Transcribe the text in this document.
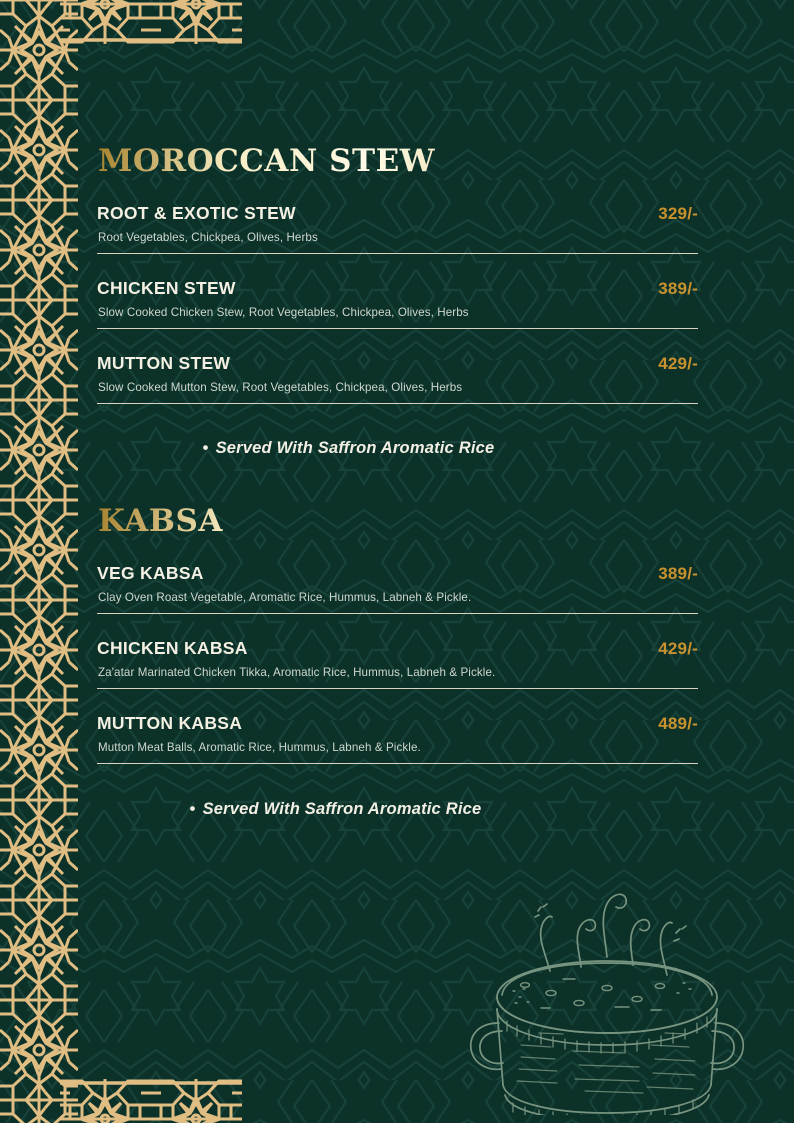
MOROCCAN STEW
ROOT & EXOTIC STEW	329/-
Root Vegetables, Chickpea, Olives, Herbs
CHICKEN STEW	389/-
Slow Cooked Chicken Stew, Root Vegetables, Chickpea, Olives, Herbs
MUTTON STEW	429/-
Slow Cooked Mutton Stew, Root Vegetables, Chickpea, Olives, Herbs
• Served With Saffron Aromatic Rice
KABSA
VEG KABSA	389/-
Clay Oven Roast Vegetable, Aromatic Rice, Hummus, Labneh & Pickle.
CHICKEN KABSA	429/-
Za'atar Marinated Chicken Tikka, Aromatic Rice, Hummus, Labneh & Pickle.
MUTTON KABSA	489/-
Mutton Meat Balls, Aromatic Rice, Hummus, Labneh & Pickle.
• Served With Saffron Aromatic Rice
